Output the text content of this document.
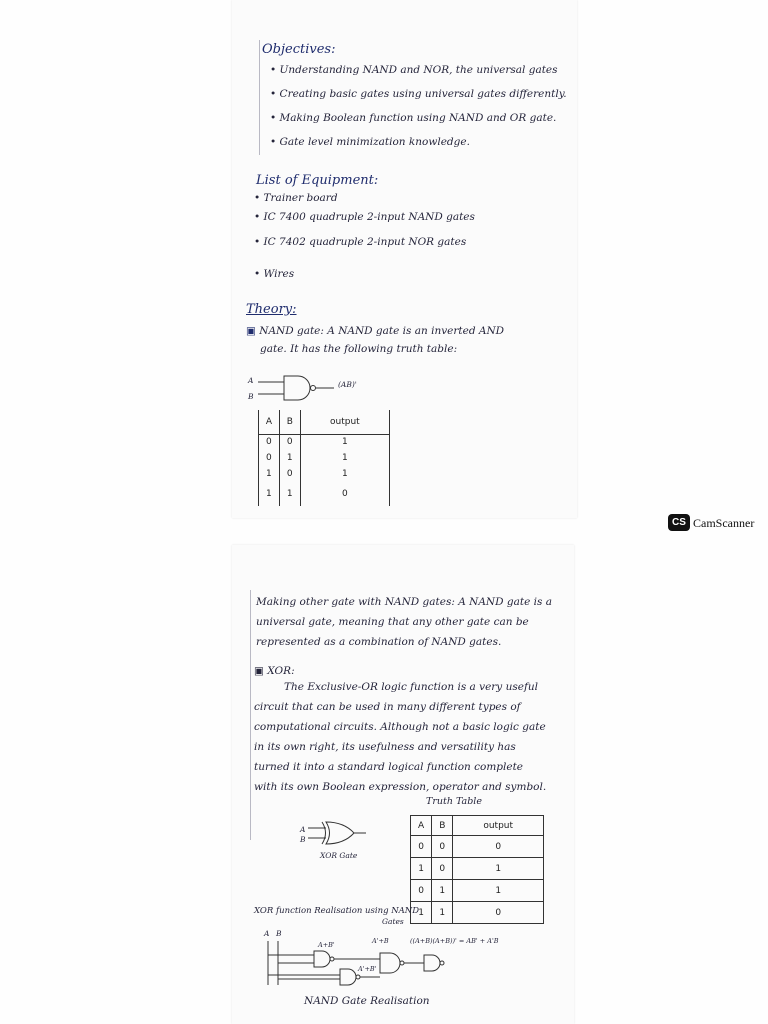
Objectives:
• Understanding NAND and NOR, the universal gates
• Creating basic gates using universal gates differently.
• Making Boolean function using NAND and OR gate.
• Gate level minimization knowledge.
List of Equipment:
• Trainer board
• IC 7400 quadruple 2-input NAND gates
• IC 7402 quadruple 2-input NOR gates
• Wires
Theory:
▣ NAND gate: A NAND gate is an inverted AND
gate. It has the following truth table:
A
B
(AB)'
A	B	output
0	0	1
0	1	1
1	0	1
1	1	0
CS CamScanner
Making other gate with NAND gates: A NAND gate is a
universal gate, meaning that any other gate can be
represented as a combination of NAND gates.
▣ XOR:
The Exclusive-OR logic function is a very useful
circuit that can be used in many different types of
computational circuits. Although not a basic logic gate
in its own right, its usefulness and versatility has
turned it into a standard logical function complete
with its own Boolean expression, operator and symbol.
Truth Table
A
B
XOR Gate
A	B	output
0	0	0
1	0	1
0	1	1
1	1	0
XOR function Realisation using NAND
Gates
A B
A+B'	A'+B
A'+B'
((A+B)(A+B))' = AB' + A'B
NAND Gate Realisation
